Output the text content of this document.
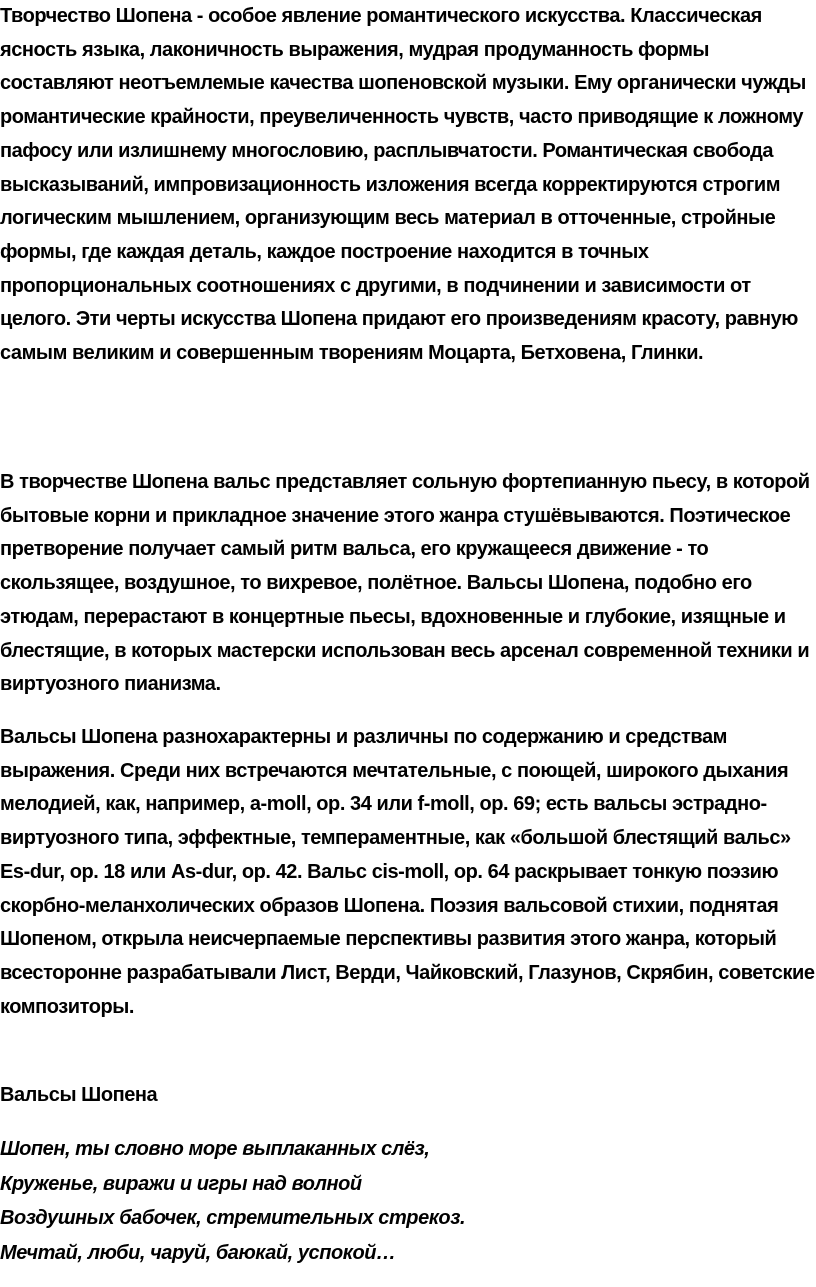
Творчество Шопена - особое явление романтического искусства. Классическая ясность языка, лаконичность выражения, мудрая продуманность формы составляют неотъемлемые качества шопеновской музыки. Ему органически чужды романтические крайности, преувеличенность чувств, часто приводящие к ложному пафосу или излишнему многословию, расплывчатости. Романтическая свобода высказываний, импровизационность изложения всегда корректируются строгим логическим мышлением, организующим весь материал в отточенные, стройные формы, где каждая деталь, каждое построение находится в точных пропорциональных соотношениях с другими, в подчинении и зависимости от целого. Эти черты искусства Шопена придают его произведениям красоту, равную самым великим и совершенным творениям Моцарта, Бетховена, Глинки.

В творчестве Шопена вальс представляет сольную фортепианную пьесу, в которой бытовые корни и прикладное значение этого жанра стушёвываются. Поэтическое претворение получает самый ритм вальса, его кружащееся движение - то скользящее, воздушное, то вихревое, полётное. Вальсы Шопена, подобно его этюдам, перерастают в концертные пьесы, вдохновенные и глубокие, изящные и блестящие, в которых мастерски использован весь арсенал современной техники и виртуозного пианизма.

Вальсы Шопена разнохарактерны и различны по содержанию и средствам выражения. Среди них встречаются мечтательные, с поющей, широкого дыхания мелодией, как, например, a-moll, op. 34 или f-moll, op. 69; есть вальсы эстрадно-виртуозного типа, эффектные, темпераментные, как «большой блестящий вальс» Es-dur, op. 18 или As-dur, op. 42. Вальс cis-moll, op. 64 раскрывает тонкую поэзию скорбно-меланхолических образов Шопена. Поэзия вальсовой стихии, поднятая Шопеном, открыла неисчерпаемые перспективы развития этого жанра, который всесторонне разрабатывали Лист, Верди, Чайковский, Глазунов, Скрябин, советские композиторы.

Вальсы Шопена

Шопен, ты словно море выплаканных слёз,
Круженье, виражи и игры над волной
Воздушных бабочек, стремительных стрекоз.
Мечтай, люби, чаруй, баюкай, успокой…
